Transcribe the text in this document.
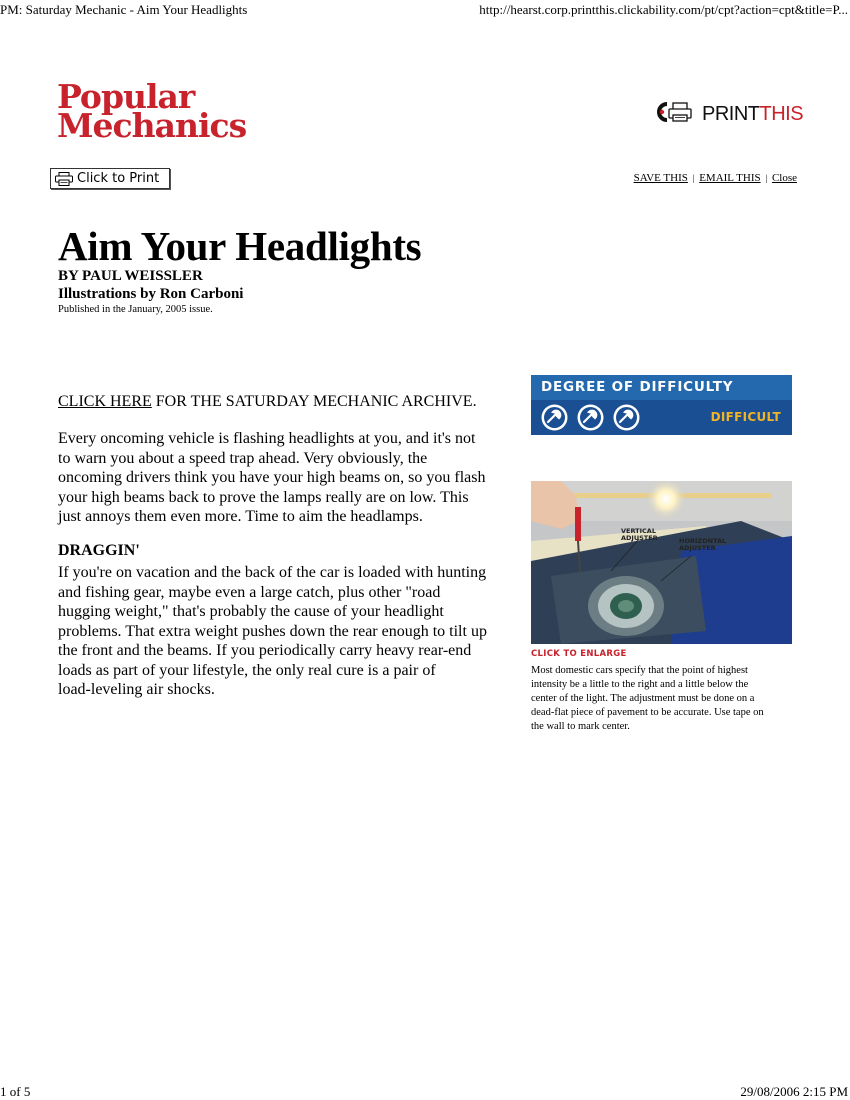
PM: Saturday Mechanic - Aim Your Headlights	http://hearst.corp.printthis.clickability.com/pt/cpt?action=cpt&title=P...
Popular
Mechanics	PRINTTHIS
Click to Print	SAVE THIS | EMAIL THIS | Close
Aim Your Headlights
BY PAUL WEISSLER
Illustrations by Ron Carboni
Published in the January, 2005 issue.
CLICK HERE FOR THE SATURDAY MECHANIC ARCHIVE.
Every oncoming vehicle is flashing headlights at you, and it's not
to warn you about a speed trap ahead. Very obviously, the
oncoming drivers think you have your high beams on, so you flash
your high beams back to prove the lamps really are on low. This
just annoys them even more. Time to aim the headlamps.
DRAGGIN'
If you're on vacation and the back of the car is loaded with hunting
and fishing gear, maybe even a large catch, plus other "road
hugging weight," that's probably the cause of your headlight
problems. That extra weight pushes down the rear enough to tilt up
the front and the beams. If you periodically carry heavy rear-end
loads as part of your lifestyle, the only real cure is a pair of
load-leveling air shocks.
DEGREE OF DIFFICULTY
DIFFICULT
VERTICAL
ADJUSTER	HORIZONTAL
ADJUSTER
CLICK TO ENLARGE
Most domestic cars specify that the point of highest
intensity be a little to the right and a little below the
center of the light. The adjustment must be done on a
dead-flat piece of pavement to be accurate. Use tape on
the wall to mark center.
1 of 5	29/08/2006 2:15 PM
